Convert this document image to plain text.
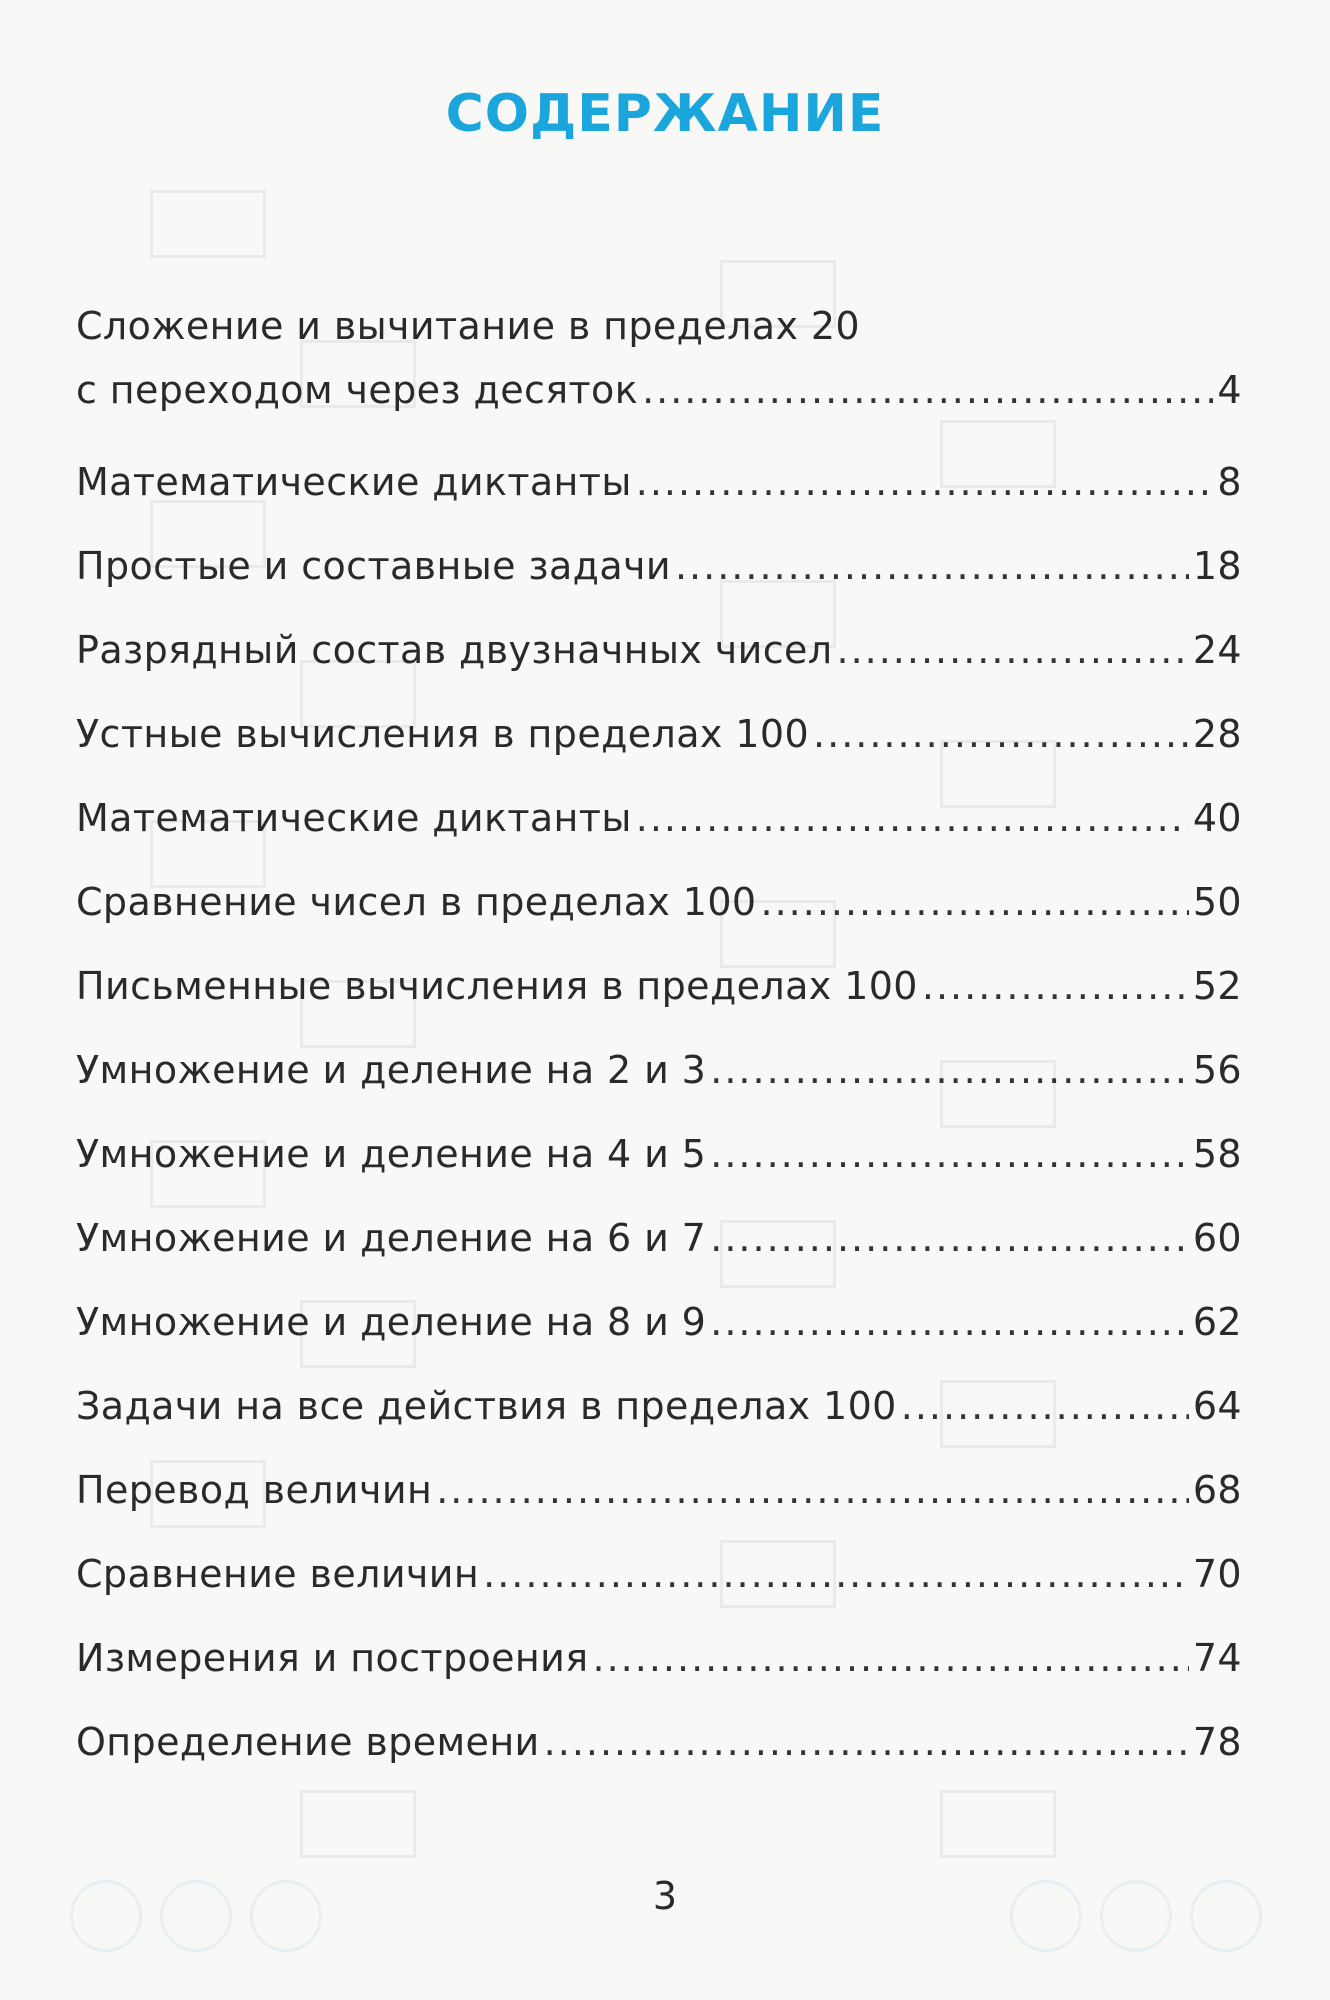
СОДЕРЖАНИЕ
Сложение и вычитание в пределах 20
с переходом через десяток .....	4
Математические диктанты .....	8
Простые и составные задачи .....	18
Разрядный состав двузначных чисел .....	24
Устные вычисления в пределах 100 .....	28
Математические диктанты .....	40
Сравнение чисел в пределах 100 .....	50
Письменные вычисления в пределах 100 .....	52
Умножение и деление на 2 и 3 .....	56
Умножение и деление на 4 и 5 .....	58
Умножение и деление на 6 и 7 .....	60
Умножение и деление на 8 и 9 .....	62
Задачи на все действия в пределах 100 .....	64
Перевод величин .....	68
Сравнение величин .....	70
Измерения и построения .....	74
Определение времени .....	78
3
